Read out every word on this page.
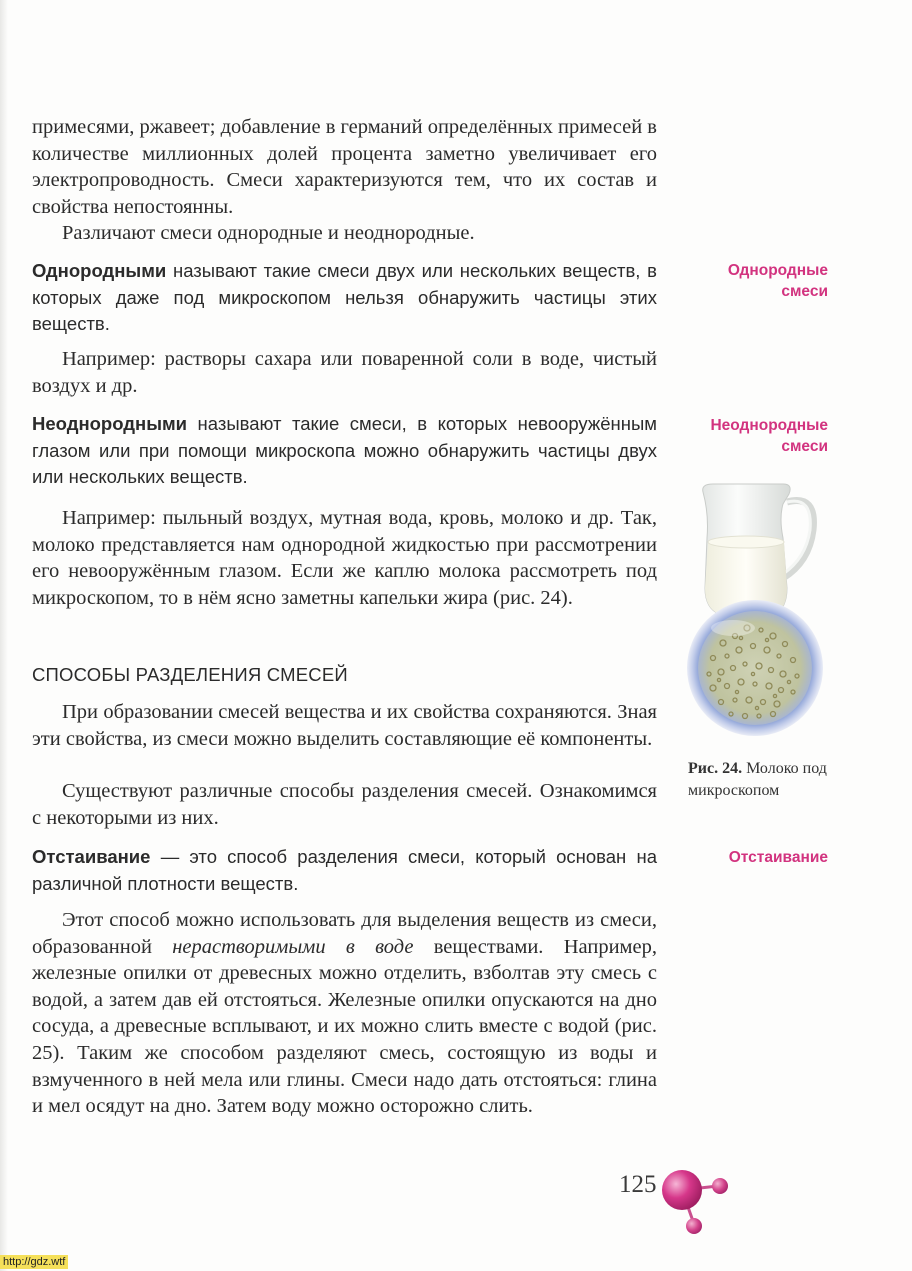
примесями, ржавеет; добавление в германий определённых примесей в количестве миллионных долей процента заметно увеличивает его электропроводность. Смеси характеризуются тем, что их состав и свойства непостоянны.

Различают смеси однородные и неоднородные.

Однородными называют такие смеси двух или нескольких веществ, в которых даже под микроскопом нельзя обнаружить частицы этих веществ.

Например: растворы сахара или поваренной соли в воде, чистый воздух и др.

Неоднородными называют такие смеси, в которых невооружённым глазом или при помощи микроскопа можно обнаружить частицы двух или нескольких веществ.

Например: пыльный воздух, мутная вода, кровь, молоко и др. Так, молоко представляется нам однородной жидкостью при рассмотрении его невооружённым глазом. Если же каплю молока рассмотреть под микроскопом, то в нём ясно заметны капельки жира (рис. 24).

СПОСОБЫ РАЗДЕЛЕНИЯ СМЕСЕЙ

При образовании смесей вещества и их свойства сохраняются. Зная эти свойства, из смеси можно выделить составляющие её компоненты.

Существуют различные способы разделения смесей. Ознакомимся с некоторыми из них.

Отстаивание — это способ разделения смеси, который основан на различной плотности веществ.

Этот способ можно использовать для выделения веществ из смеси, образованной нерастворимыми в воде веществами. Например, железные опилки от древесных можно отделить, взболтав эту смесь с водой, а затем дав ей отстояться. Железные опилки опускаются на дно сосуда, а древесные всплывают, и их можно слить вместе с водой (рис. 25). Таким же способом разделяют смесь, состоящую из воды и взмученного в ней мела или глины. Смеси надо дать отстояться: глина и мел осядут на дно. Затем воду можно осторожно слить.

Однородные
смеси
Неоднородные
смеси
Отстаивание
Рис. 24. Молоко под микроскопом
125
http://gdz.wtf
